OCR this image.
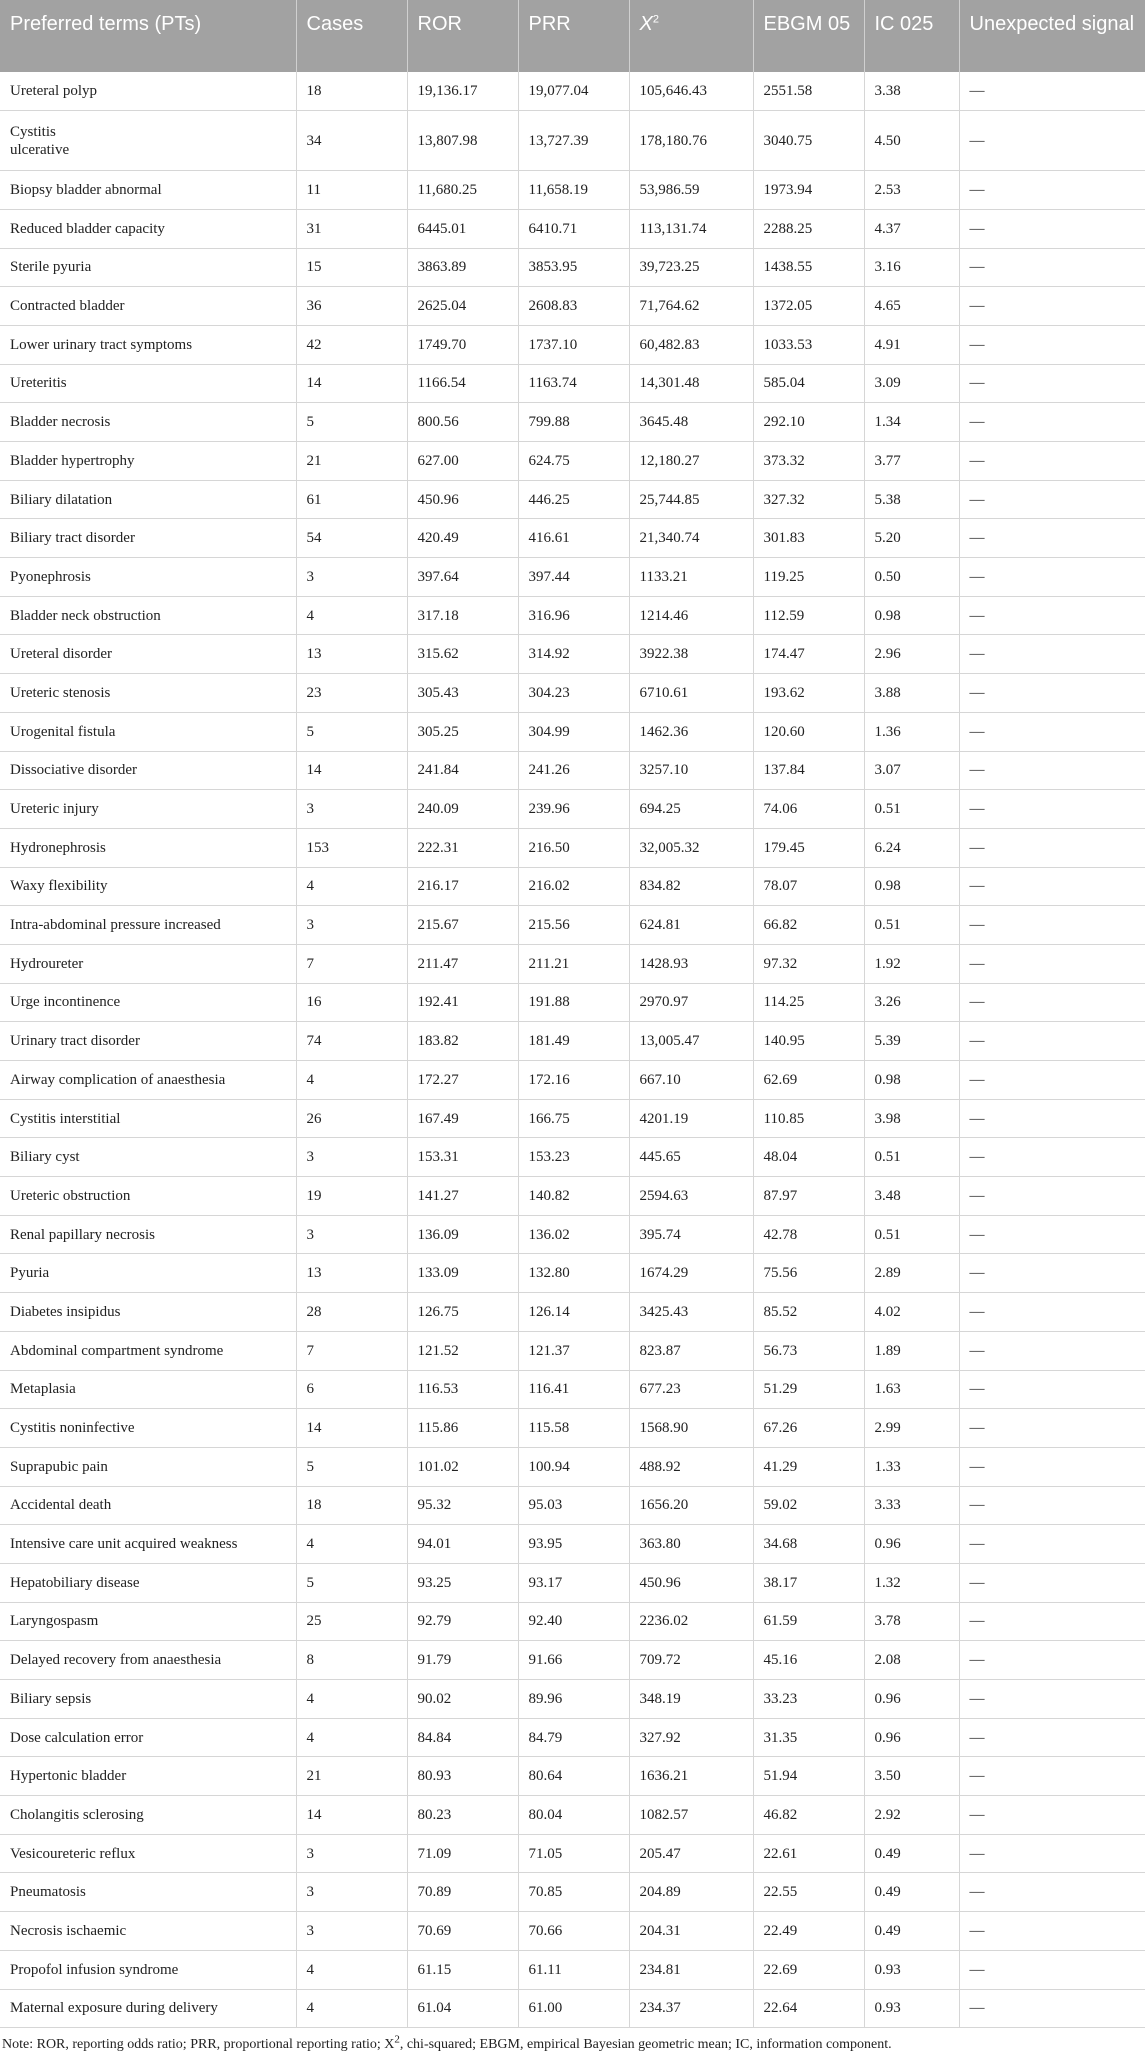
Preferred terms (PTs)	Cases	ROR	PRR	$X^2$	EBGM 05	IC 025	Unexpected signal
Ureteral polyp	18	19,136.17	19,077.04	105,646.43	2551.58	3.38	—
Cystitis ulcerative	34	13,807.98	13,727.39	178,180.76	3040.75	4.50	—
Biopsy bladder abnormal	11	11,680.25	11,658.19	53,986.59	1973.94	2.53	—
Reduced bladder capacity	31	6445.01	6410.71	113,131.74	2288.25	4.37	—
Sterile pyuria	15	3863.89	3853.95	39,723.25	1438.55	3.16	—
Contracted bladder	36	2625.04	2608.83	71,764.62	1372.05	4.65	—
Lower urinary tract symptoms	42	1749.70	1737.10	60,482.83	1033.53	4.91	—
Ureteritis	14	1166.54	1163.74	14,301.48	585.04	3.09	—
Bladder necrosis	5	800.56	799.88	3645.48	292.10	1.34	—
Bladder hypertrophy	21	627.00	624.75	12,180.27	373.32	3.77	—
Biliary dilatation	61	450.96	446.25	25,744.85	327.32	5.38	—
Biliary tract disorder	54	420.49	416.61	21,340.74	301.83	5.20	—
Pyonephrosis	3	397.64	397.44	1133.21	119.25	0.50	—
Bladder neck obstruction	4	317.18	316.96	1214.46	112.59	0.98	—
Ureteral disorder	13	315.62	314.92	3922.38	174.47	2.96	—
Ureteric stenosis	23	305.43	304.23	6710.61	193.62	3.88	—
Urogenital fistula	5	305.25	304.99	1462.36	120.60	1.36	—
Dissociative disorder	14	241.84	241.26	3257.10	137.84	3.07	—
Ureteric injury	3	240.09	239.96	694.25	74.06	0.51	—
Hydronephrosis	153	222.31	216.50	32,005.32	179.45	6.24	—
Waxy flexibility	4	216.17	216.02	834.82	78.07	0.98	—
Intra-abdominal pressure increased	3	215.67	215.56	624.81	66.82	0.51	—
Hydroureter	7	211.47	211.21	1428.93	97.32	1.92	—
Urge incontinence	16	192.41	191.88	2970.97	114.25	3.26	—
Urinary tract disorder	74	183.82	181.49	13,005.47	140.95	5.39	—
Airway complication of anaesthesia	4	172.27	172.16	667.10	62.69	0.98	—
Cystitis interstitial	26	167.49	166.75	4201.19	110.85	3.98	—
Biliary cyst	3	153.31	153.23	445.65	48.04	0.51	—
Ureteric obstruction	19	141.27	140.82	2594.63	87.97	3.48	—
Renal papillary necrosis	3	136.09	136.02	395.74	42.78	0.51	—
Pyuria	13	133.09	132.80	1674.29	75.56	2.89	—
Diabetes insipidus	28	126.75	126.14	3425.43	85.52	4.02	—
Abdominal compartment syndrome	7	121.52	121.37	823.87	56.73	1.89	—
Metaplasia	6	116.53	116.41	677.23	51.29	1.63	—
Cystitis noninfective	14	115.86	115.58	1568.90	67.26	2.99	—
Suprapubic pain	5	101.02	100.94	488.92	41.29	1.33	—
Accidental death	18	95.32	95.03	1656.20	59.02	3.33	—
Intensive care unit acquired weakness	4	94.01	93.95	363.80	34.68	0.96	—
Hepatobiliary disease	5	93.25	93.17	450.96	38.17	1.32	—
Laryngospasm	25	92.79	92.40	2236.02	61.59	3.78	—
Delayed recovery from anaesthesia	8	91.79	91.66	709.72	45.16	2.08	—
Biliary sepsis	4	90.02	89.96	348.19	33.23	0.96	—
Dose calculation error	4	84.84	84.79	327.92	31.35	0.96	—
Hypertonic bladder	21	80.93	80.64	1636.21	51.94	3.50	—
Cholangitis sclerosing	14	80.23	80.04	1082.57	46.82	2.92	—
Vesicoureteric reflux	3	71.09	71.05	205.47	22.61	0.49	—
Pneumatosis	3	70.89	70.85	204.89	22.55	0.49	—
Necrosis ischaemic	3	70.69	70.66	204.31	22.49	0.49	—
Propofol infusion syndrome	4	61.15	61.11	234.81	22.69	0.93	—
Maternal exposure during delivery	4	61.04	61.00	234.37	22.64	0.93	—
Note: ROR, reporting odds ratio; PRR, proportional reporting ratio; $X^2$, chi-squared; EBGM, empirical Bayesian geometric mean; IC, information component.
